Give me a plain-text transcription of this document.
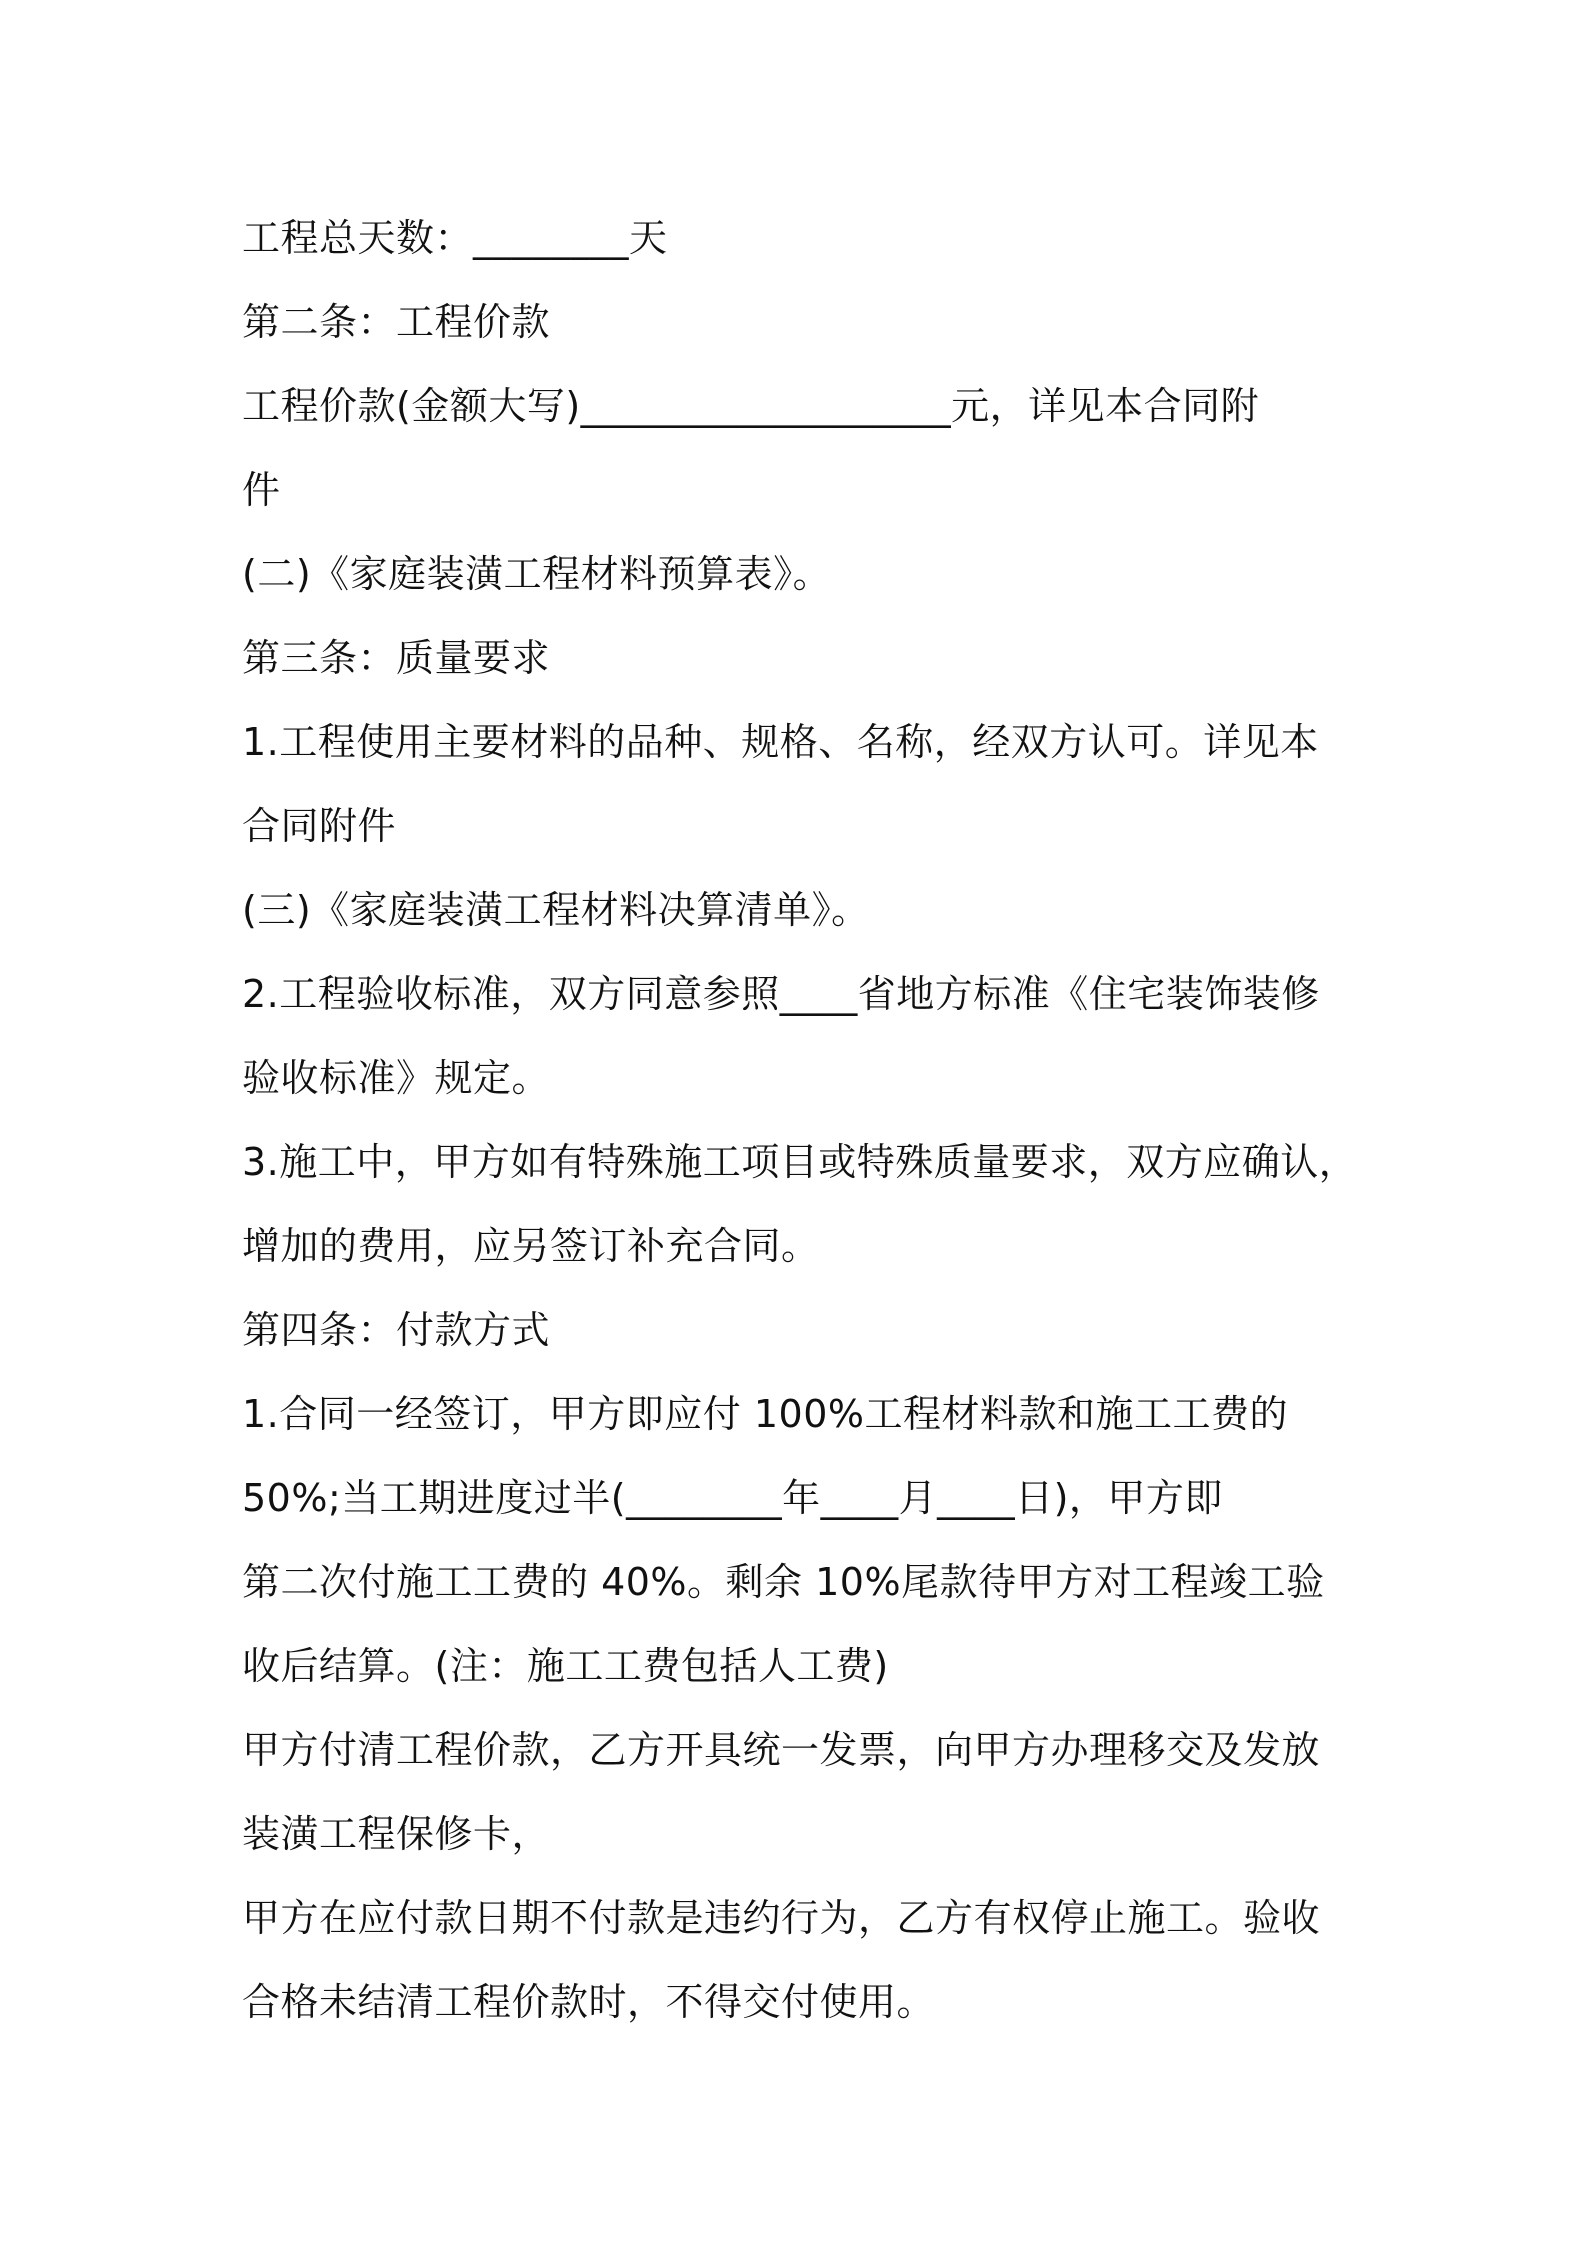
工程总天数：________天
第二条：工程价款
工程价款(金额大写)___________________元，详见本合同附
件
(二)《家庭装潢工程材料预算表》。
第三条：质量要求
1.工程使用主要材料的品种、规格、名称，经双方认可。详见本
合同附件
(三)《家庭装潢工程材料决算清单》。
2.工程验收标准，双方同意参照____省地方标准《住宅装饰装修
验收标准》规定。
3.施工中，甲方如有特殊施工项目或特殊质量要求，双方应确认，
增加的费用，应另签订补充合同。
第四条：付款方式
1.合同一经签订，甲方即应付 100%工程材料款和施工工费的
50%;当工期进度过半(________年____月____日)，甲方即
第二次付施工工费的 40%。剩余 10%尾款待甲方对工程竣工验
收后结算。(注：施工工费包括人工费)
甲方付清工程价款，乙方开具统一发票，向甲方办理移交及发放
装潢工程保修卡，
甲方在应付款日期不付款是违约行为，乙方有权停止施工。验收
合格未结清工程价款时，不得交付使用。
